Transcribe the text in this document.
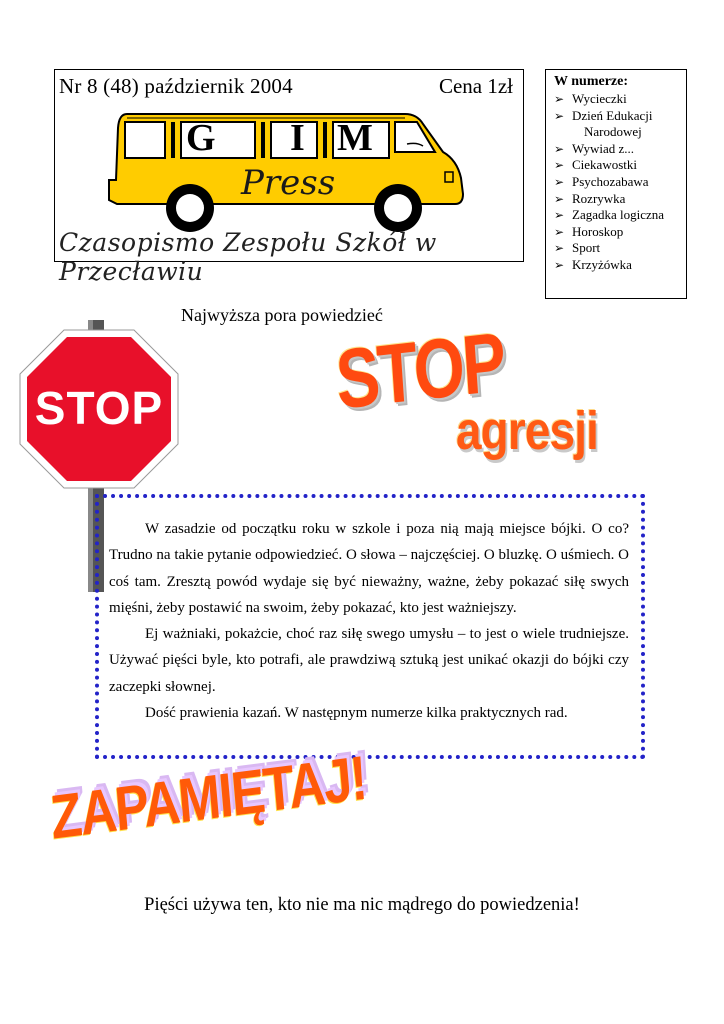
Nr 8 (48) październik 2004	Cena 1zł
G I M
Press
Czasopismo Zespołu Szkół w Przecławiu
W numerze:
➢ Wycieczki
➢ Dzień Edukacji
Narodowej
➢ Wywiad z...
➢ Ciekawostki
➢ Psychozabawa
➢ Rozrywka
➢ Zagadka logiczna
➢ Horoskop
➢ Sport
➢ Krzyżówka
Najwyższa pora powiedzieć
STOP STOP
agresji

W zasadzie od początku roku w szkole i poza nią mają miejsce bójki. O co? Trudno na takie pytanie odpowiedzieć. O słowa – najczęściej. O bluzkę. O uśmiech. O coś tam. Zresztą powód wydaje się być nieważny, ważne, żeby pokazać siłę swych mięśni, żeby postawić na swoim, żeby pokazać, kto jest ważniejszy.

Ej ważniaki, pokażcie, choć raz siłę swego umysłu – to jest o wiele trudniejsze. Używać pięści byle, kto potrafi, ale prawdziwą sztuką jest unikać okazji do bójki czy zaczepki słownej.

Dość prawienia kazań. W następnym numerze kilka praktycznych rad.

ZAPAMIĘTAJ!
Pięści używa ten, kto nie ma nic mądrego do powiedzenia!
